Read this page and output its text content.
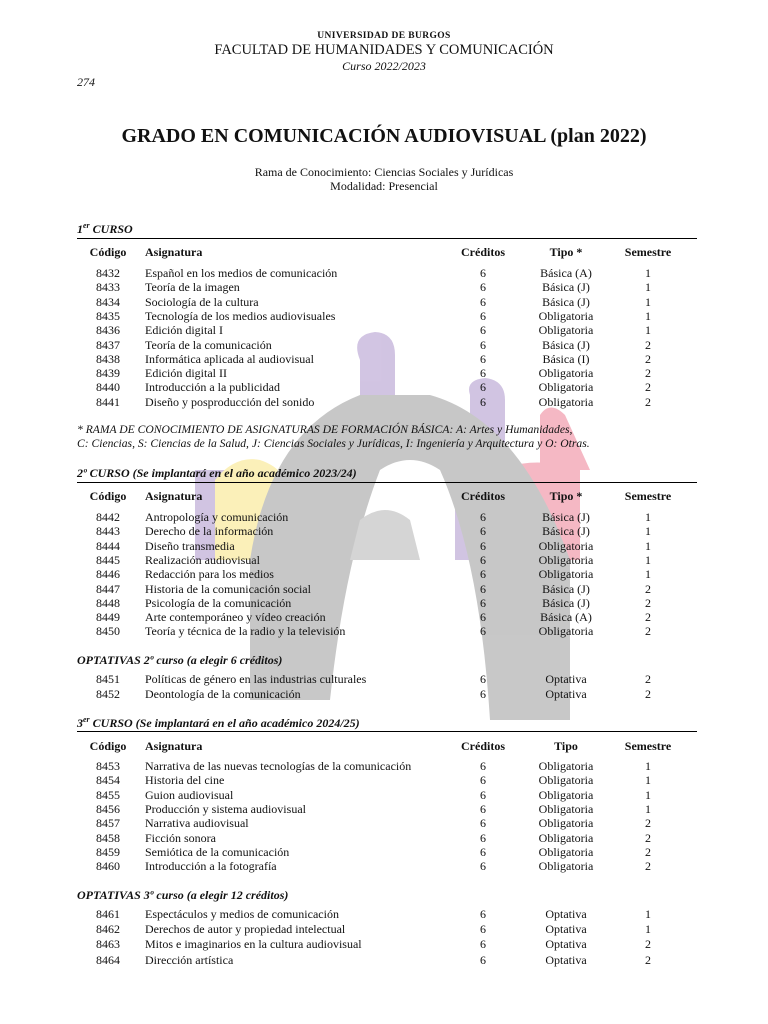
UNIVERSIDAD DE BURGOS
FACULTAD DE HUMANIDADES Y COMUNICACIÓN
Curso 2022/2023
274
GRADO EN COMUNICACIÓN AUDIOVISUAL (plan 2022)
Rama de Conocimiento: Ciencias Sociales y Jurídicas
Modalidad: Presencial
1er CURSO
Código	Asignatura	Créditos	Tipo *	Semestre
8432	Español en los medios de comunicación	6	Básica (A)	1
8433	Teoría de la imagen	6	Básica (J)	1
8434	Sociología de la cultura	6	Básica (J)	1
8435	Tecnología de los medios audiovisuales	6	Obligatoria	1
8436	Edición digital I	6	Obligatoria	1
8437	Teoría de la comunicación	6	Básica (J)	2
8438	Informática aplicada al audiovisual	6	Básica (I)	2
8439	Edición digital II	6	Obligatoria	2
8440	Introducción a la publicidad	6	Obligatoria	2
8441	Diseño y posproducción del sonido	6	Obligatoria	2
* RAMA DE CONOCIMIENTO DE ASIGNATURAS DE FORMACIÓN BÁSICA: A: Artes y Humanidades,
C: Ciencias, S: Ciencias de la Salud, J: Ciencias Sociales y Jurídicas, I: Ingeniería y Arquitectura y O: Otras.
2º CURSO (Se implantará en el año académico 2023/24)
Código	Asignatura	Créditos	Tipo *	Semestre
8442	Antropología y comunicación	6	Básica (J)	1
8443	Derecho de la información	6	Básica (J)	1
8444	Diseño transmedia	6	Obligatoria	1
8445	Realización audiovisual	6	Obligatoria	1
8446	Redacción para los medios	6	Obligatoria	1
8447	Historia de la comunicación social	6	Básica (J)	2
8448	Psicología de la comunicación	6	Básica (J)	2
8449	Arte contemporáneo y vídeo creación	6	Básica (A)	2
8450	Teoría y técnica de la radio y la televisión	6	Obligatoria	2
OPTATIVAS 2º curso (a elegir 6 créditos)
8451	Políticas de género en las industrias culturales	6	Optativa	2
8452	Deontología de la comunicación	6	Optativa	2
3er CURSO (Se implantará en el año académico 2024/25)
Código	Asignatura	Créditos	Tipo	Semestre
8453	Narrativa de las nuevas tecnologías de la comunicación	6	Obligatoria	1
8454	Historia del cine	6	Obligatoria	1
8455	Guion audiovisual	6	Obligatoria	1
8456	Producción y sistema audiovisual	6	Obligatoria	1
8457	Narrativa audiovisual	6	Obligatoria	2
8458	Ficción sonora	6	Obligatoria	2
8459	Semiótica de la comunicación	6	Obligatoria	2
8460	Introducción a la fotografía	6	Obligatoria	2
OPTATIVAS 3º curso (a elegir 12 créditos)
8461	Espectáculos y medios de comunicación	6	Optativa	1
8462	Derechos de autor y propiedad intelectual	6	Optativa	1
8463	Mitos e imaginarios en la cultura audiovisual	6	Optativa	2
8464	Dirección artística	6	Optativa	2
